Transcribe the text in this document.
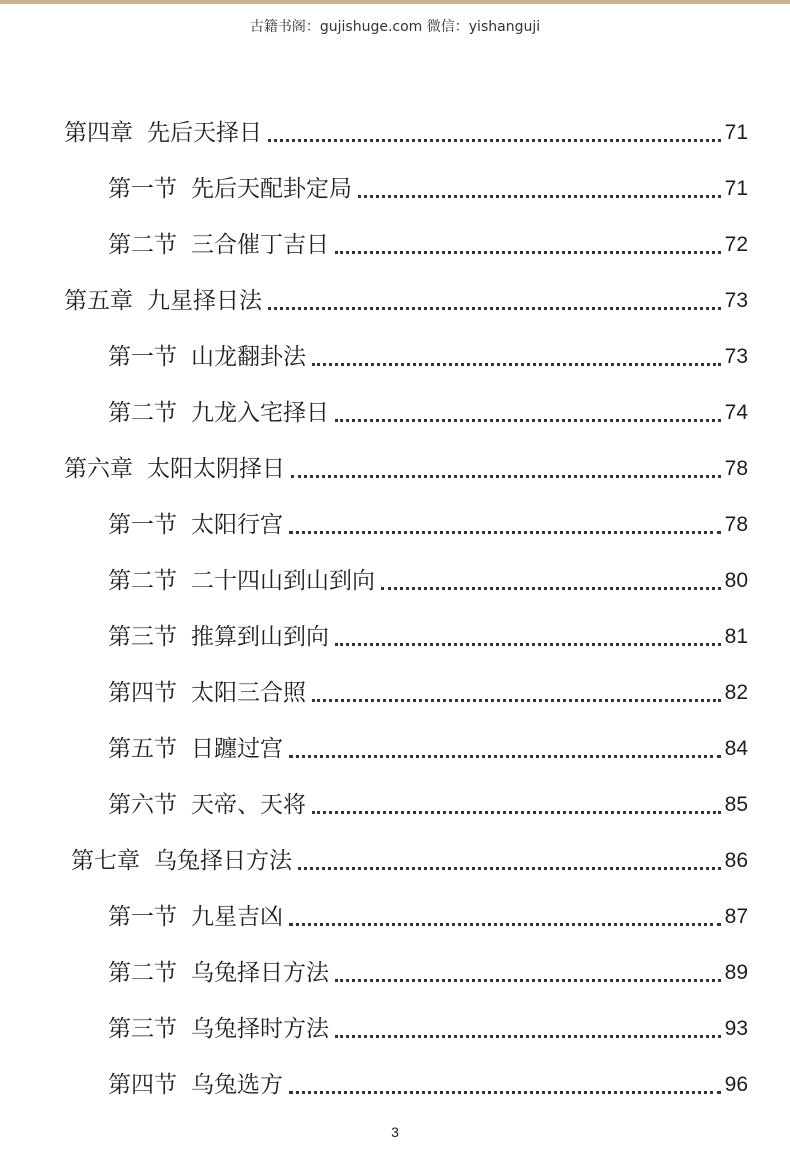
古籍书阁：gujishuge.com 微信：yishanguji
第四章 先后天择日	71
第一节 先后天配卦定局	71
第二节 三合催丁吉日	72
第五章 九星择日法	73
第一节 山龙翻卦法	73
第二节 九龙入宅择日	74
第六章 太阳太阴择日	78
第一节 太阳行宫	78
第二节 二十四山到山到向	80
第三节 推算到山到向	81
第四节 太阳三合照	82
第五节 日躔过宫	84
第六节 天帝、天将	85
第七章 乌兔择日方法	86
第一节 九星吉凶	87
第二节 乌兔择日方法	89
第三节 乌兔择时方法	93
第四节 乌兔选方	96
3
